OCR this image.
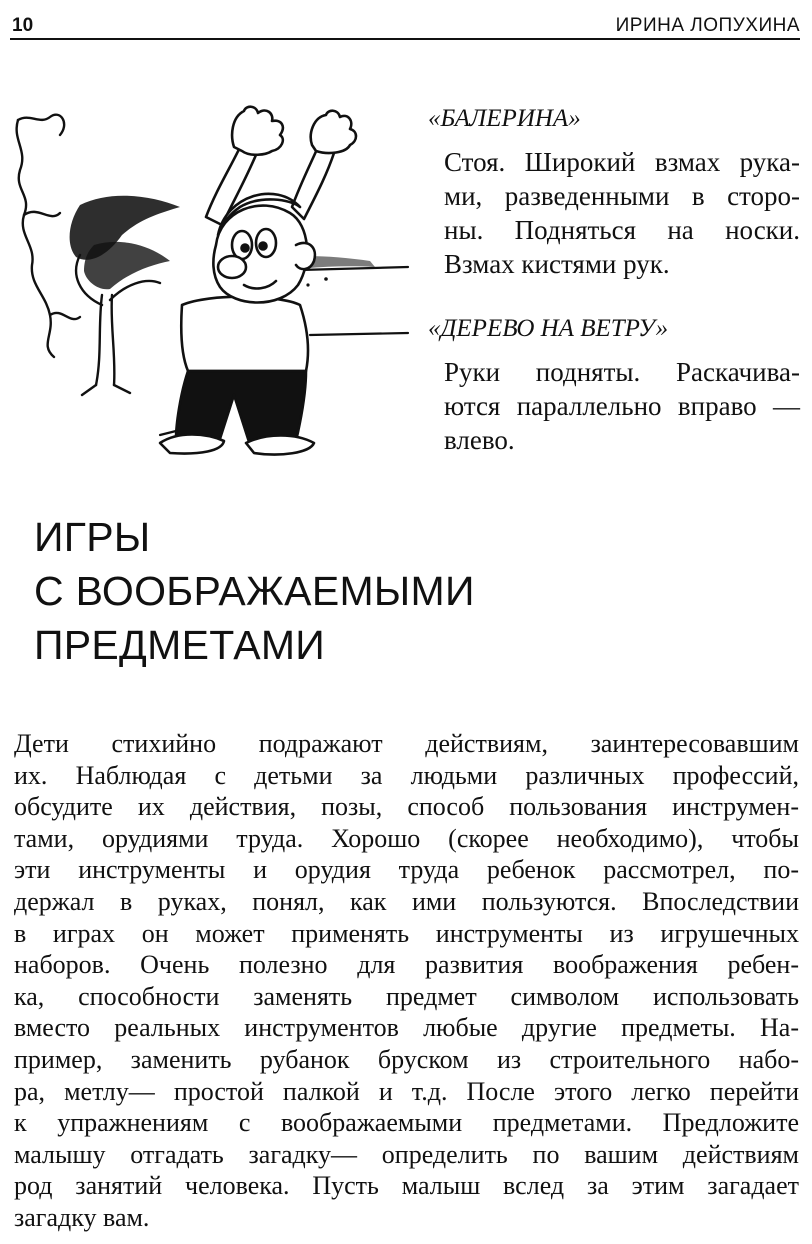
10	ИРИНА ЛОПУХИНА
«БАЛЕРИНА»
Стоя. Широкий взмах рука-
ми, разведенными в сторо-
ны. Подняться на носки.
Взмах кистями рук.
«ДЕРЕВО НА ВЕТРУ»
Руки подняты. Раскачива-
ются параллельно вправо —
влево.
ИГРЫ
С ВООБРАЖАЕМЫМИ
ПРЕДМЕТАМИ
Дети стихийно подражают действиям, заинтересовавшим
их. Наблюдая с детьми за людьми различных профессий,
обсудите их действия, позы, способ пользования инструмен-
тами, орудиями труда. Хорошо (скорее необходимо), чтобы
эти инструменты и орудия труда ребенок рассмотрел, по-
держал в руках, понял, как ими пользуются. Впоследствии
в играх он может применять инструменты из игрушечных
наборов. Очень полезно для развития воображения ребен-
ка, способности заменять предмет символом использовать
вместо реальных инструментов любые другие предметы. На-
пример, заменить рубанок бруском из строительного набо-
ра, метлу— простой палкой и т.д. После этого легко перейти
к упражнениям с воображаемыми предметами. Предложите
малышу отгадать загадку— определить по вашим действиям
род занятий человека. Пусть малыш вслед за этим загадает
загадку вам.
